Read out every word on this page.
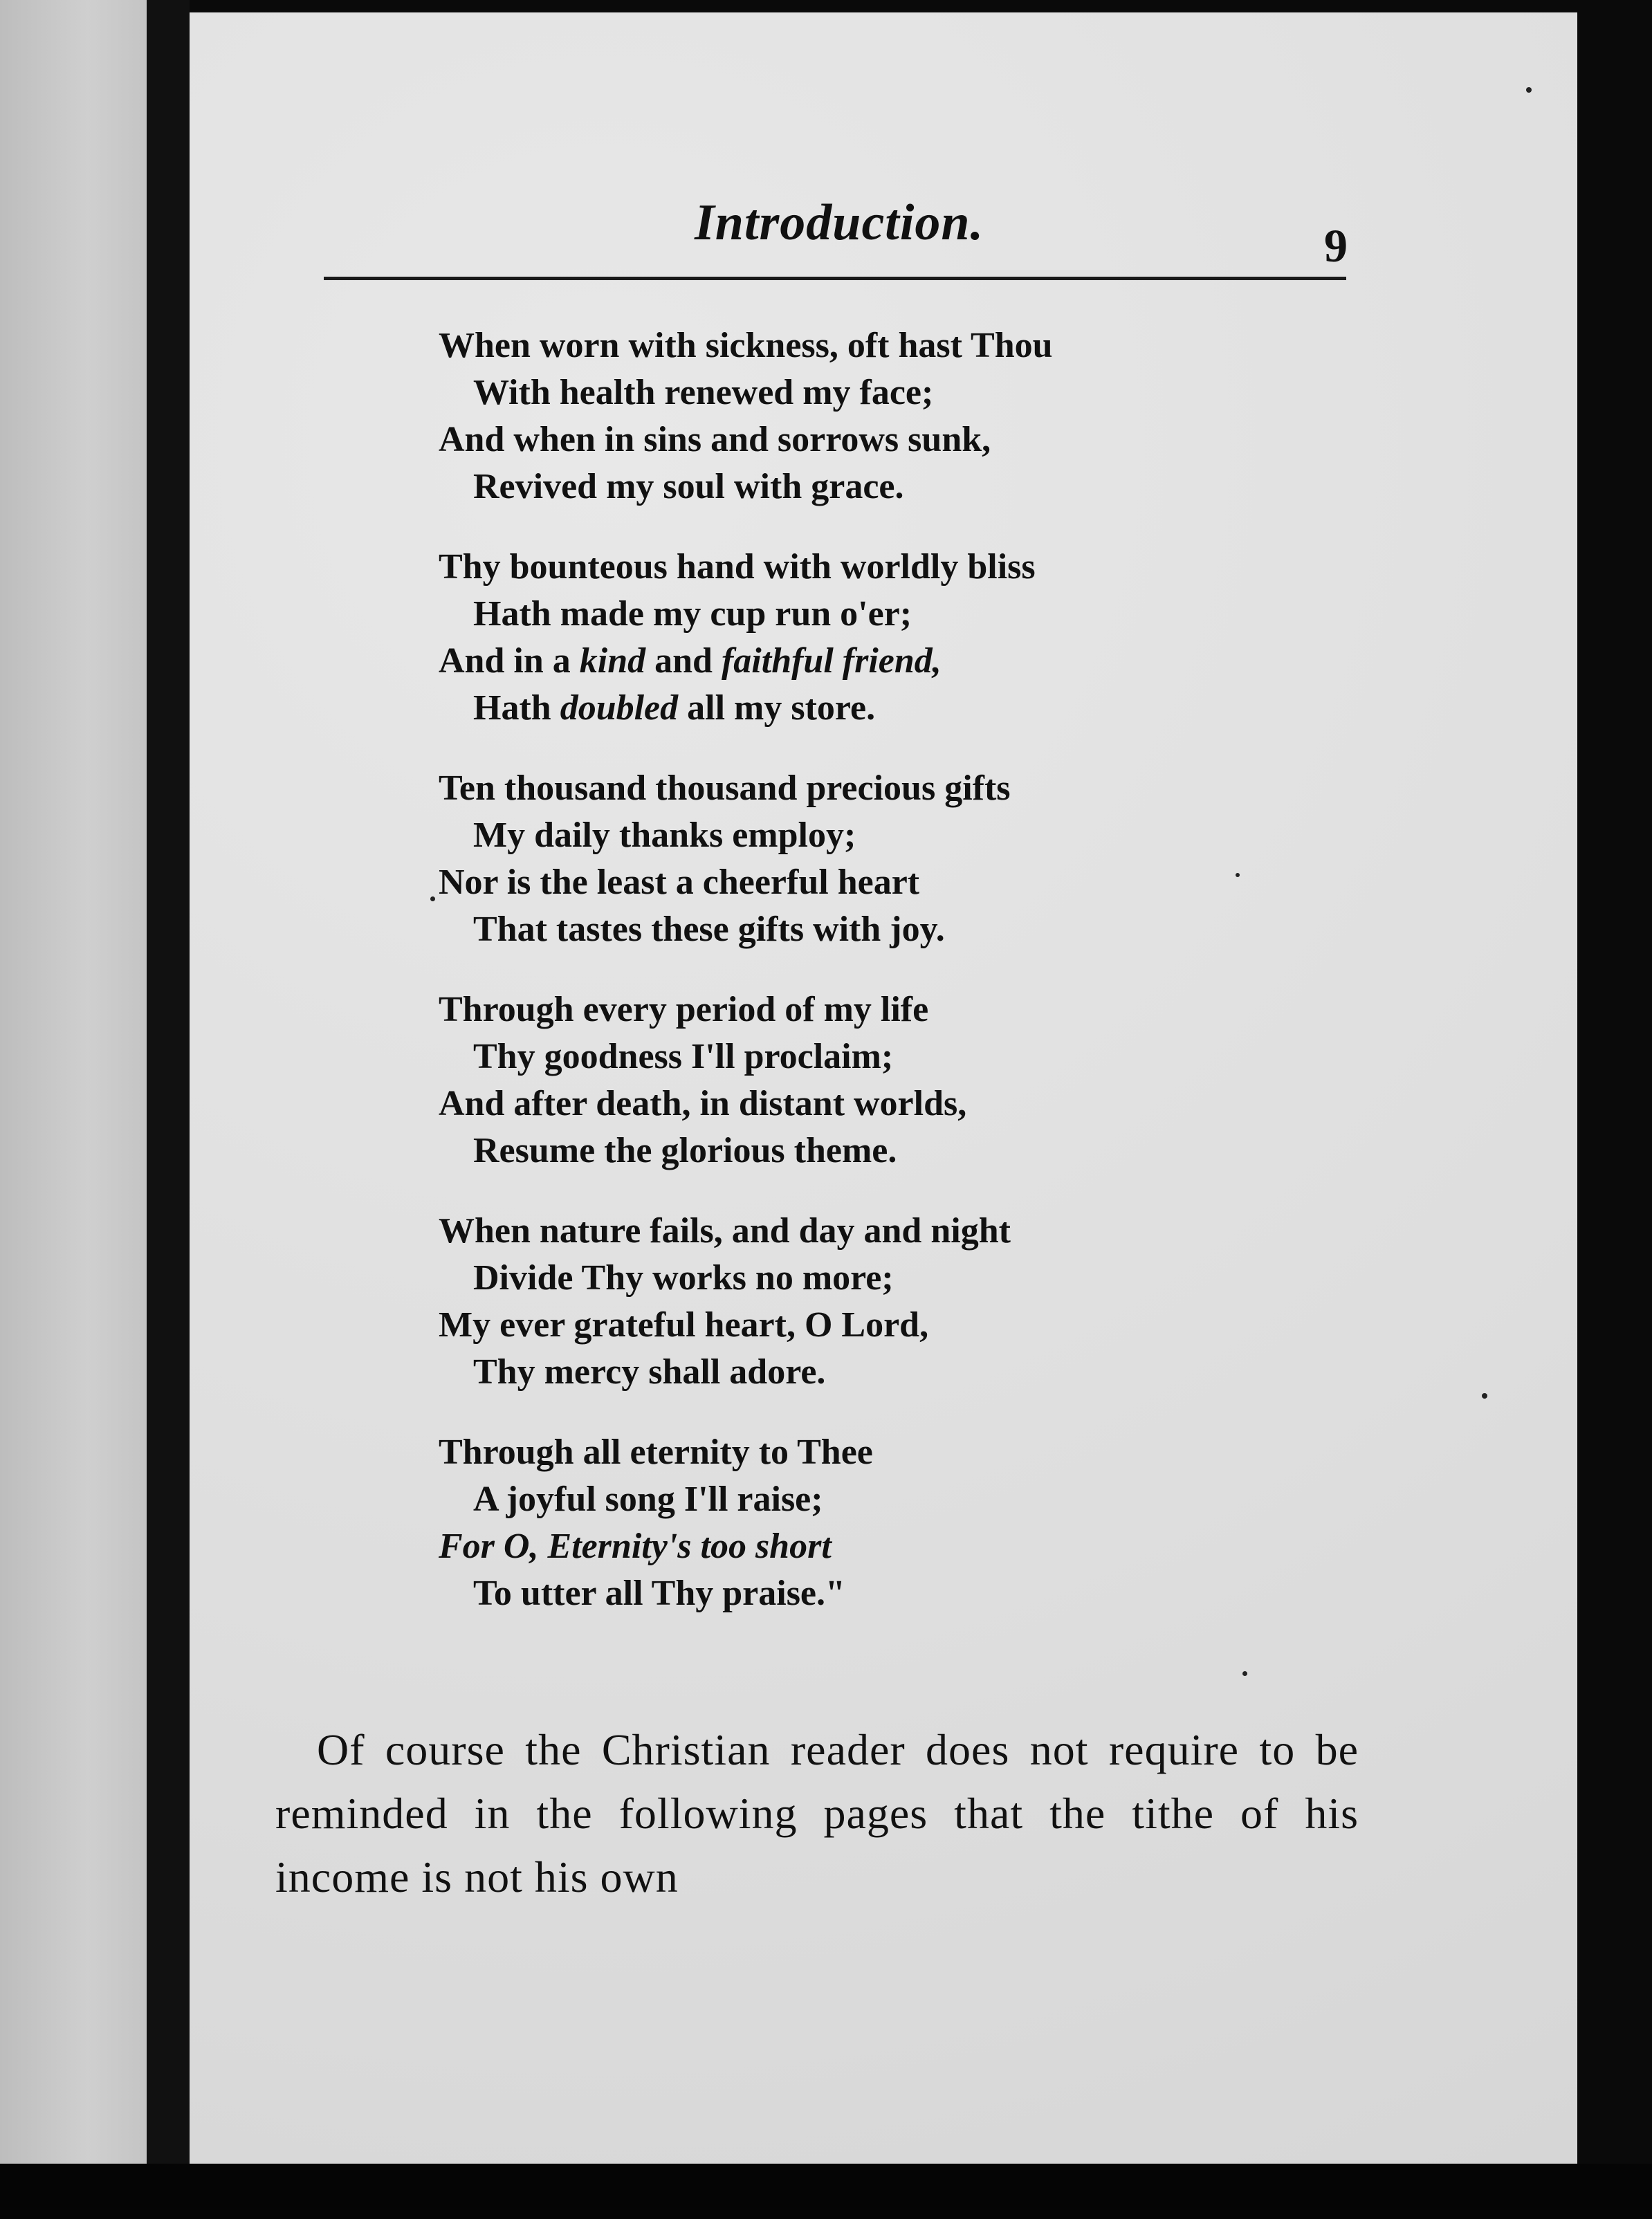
Introduction.	9
When worn with sickness, oft hast Thou
With health renewed my face;
And when in sins and sorrows sunk,
Revived my soul with grace.
Thy bounteous hand with worldly bliss
Hath made my cup run o'er;
And in a kind and faithful friend,
Hath doubled all my store.
Ten thousand thousand precious gifts
My daily thanks employ;
Nor is the least a cheerful heart
That tastes these gifts with joy.
Through every period of my life
Thy goodness I'll proclaim;
And after death, in distant worlds,
Resume the glorious theme.
When nature fails, and day and night
Divide Thy works no more;
My ever grateful heart, O Lord,
Thy mercy shall adore.
Through all eternity to Thee
A joyful song I'll raise;
For O, Eternity's too short
To utter all Thy praise."
Of course the Christian reader does not require to be reminded in the following pages that the tithe of his income is not his own
